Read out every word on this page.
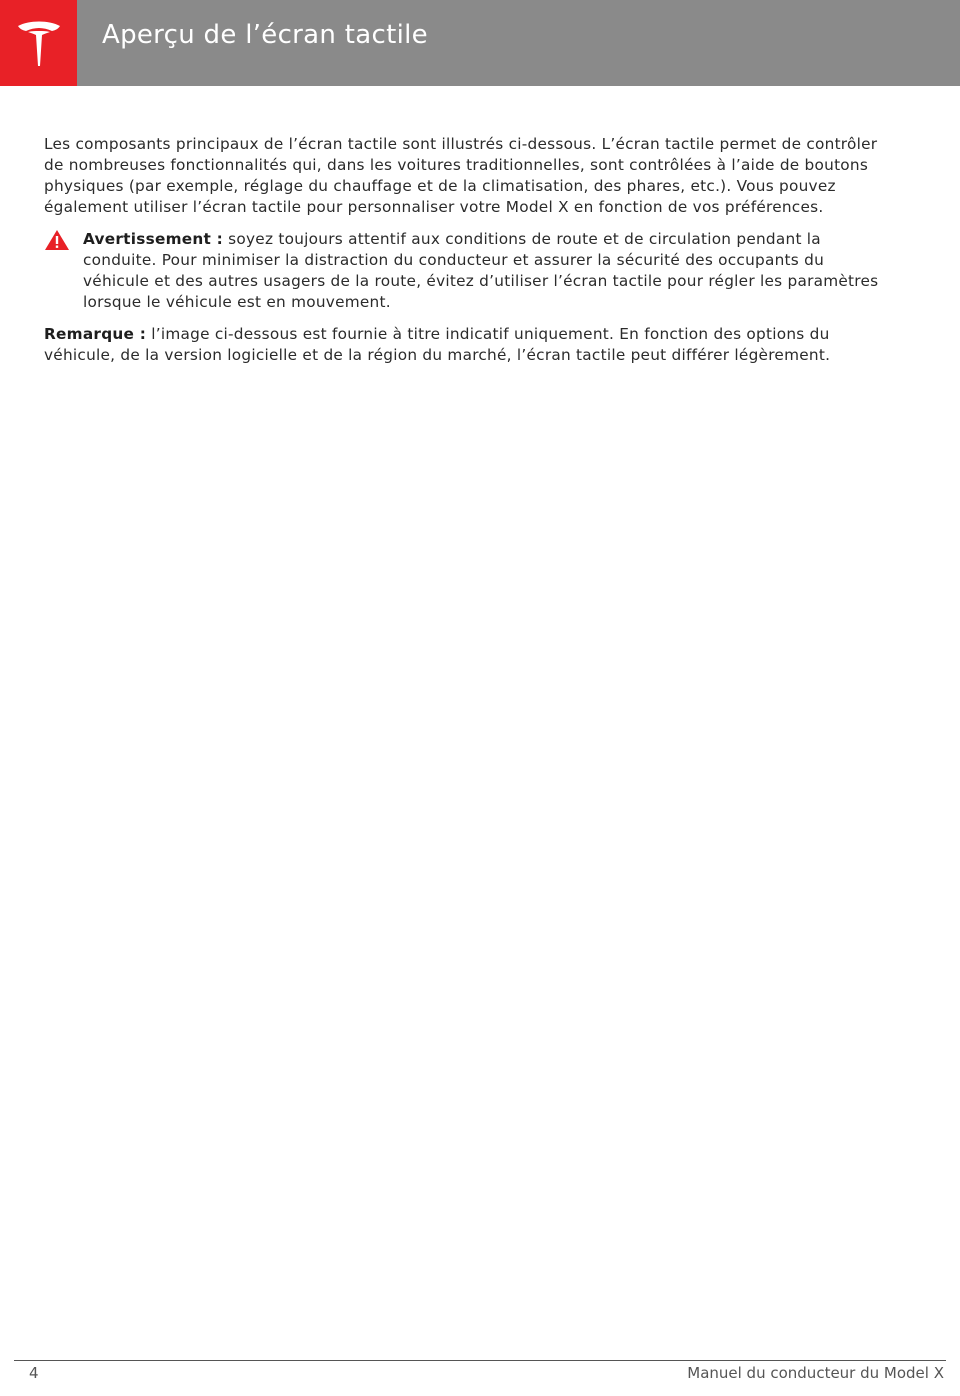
Aperçu de l’écran tactile

Les composants principaux de l’écran tactile sont illustrés ci-dessous. L’écran tactile permet de contrôler de nombreuses fonctionnalités qui, dans les voitures traditionnelles, sont contrôlées à l’aide de boutons physiques (par exemple, réglage du chauffage et de la climatisation, des phares, etc.). Vous pouvez également utiliser l’écran tactile pour personnaliser votre Model X en fonction de vos préférences.

Avertissement : soyez toujours attentif aux conditions de route et de circulation pendant la conduite. Pour minimiser la distraction du conducteur et assurer la sécurité des occupants du véhicule et des autres usagers de la route, évitez d’utiliser l’écran tactile pour régler les paramètres lorsque le véhicule est en mouvement.

Remarque : l’image ci-dessous est fournie à titre indicatif uniquement. En fonction des options du véhicule, de la version logicielle et de la région du marché, l’écran tactile peut différer légèrement.

4	Manuel du conducteur du Model X
